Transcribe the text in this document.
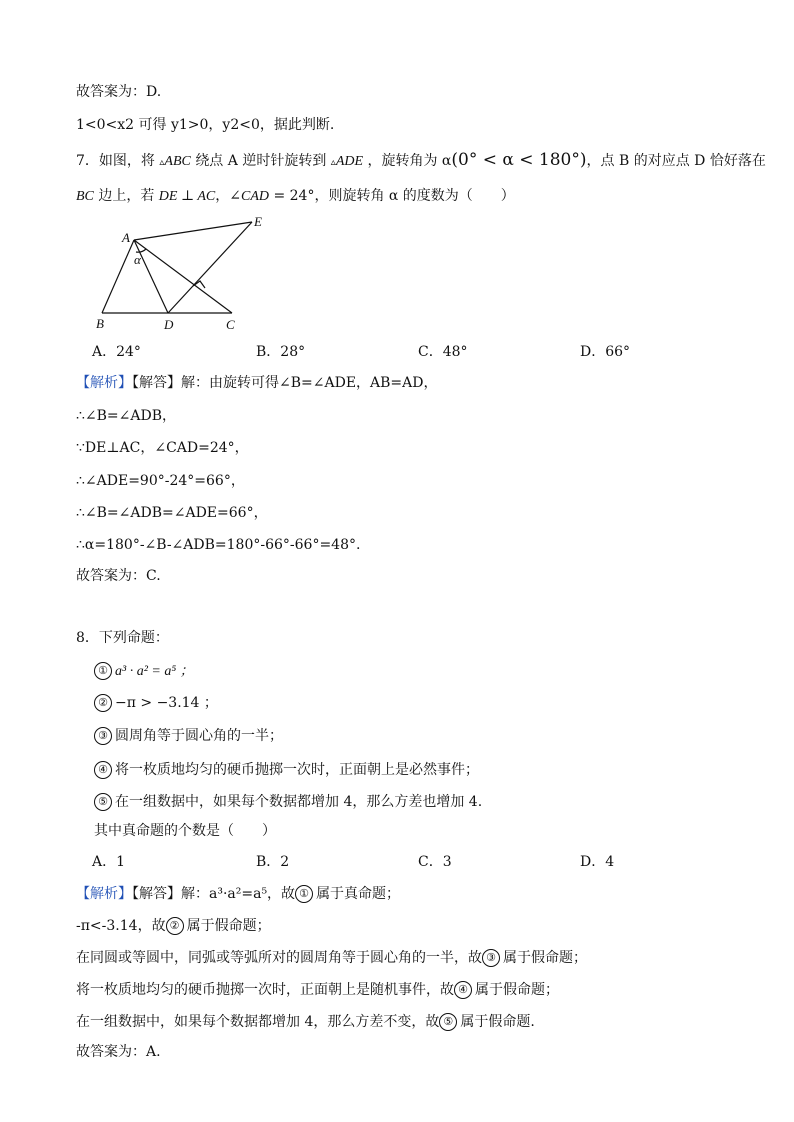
故答案为：D.
1<0<x2 可得 y1>0，y2<0，据此判断.
7．如图，将 ▵ABC 绕点 A 逆时针旋转到 ▵ADE ，旋转角为 α(0° < α < 180°)，点 B 的对应点 D 恰好落在
BC 边上，若 DE ⊥ AC，∠CAD = 24°，则旋转角 α 的度数为（　　）
A
B	D	C
E
α
A．24°	B．28°	C．48°	D．66°
【解析】【解答】解：由旋转可得∠B=∠ADE，AB=AD，
∴∠B=∠ADB，
∵DE⊥AC，∠CAD=24°，
∴∠ADE=90°-24°=66°，
∴∠B=∠ADB=∠ADE=66°，
∴α=180°-∠B-∠ADB=180°-66°-66°=48°.
故答案为：C.
8．下列命题：
① a³ · a² = a⁵ ；
② −π > −3.14 ；
③ 圆周角等于圆心角的一半；
④ 将一枚质地均匀的硬币抛掷一次时，正面朝上是必然事件；
⑤ 在一组数据中，如果每个数据都增加 4，那么方差也增加 4.
其中真命题的个数是（　　）
A．1	B．2	C．3	D．4
【解析】【解答】解：a³·a²=a⁵，故 ① 属于真命题；
-π<-3.14，故 ② 属于假命题；
在同圆或等圆中，同弧或等弧所对的圆周角等于圆心角的一半，故 ③ 属于假命题；
将一枚质地均匀的硬币抛掷一次时，正面朝上是随机事件，故 ④ 属于假命题；
在一组数据中，如果每个数据都增加 4，那么方差不变，故 ⑤ 属于假命题.
故答案为：A.
